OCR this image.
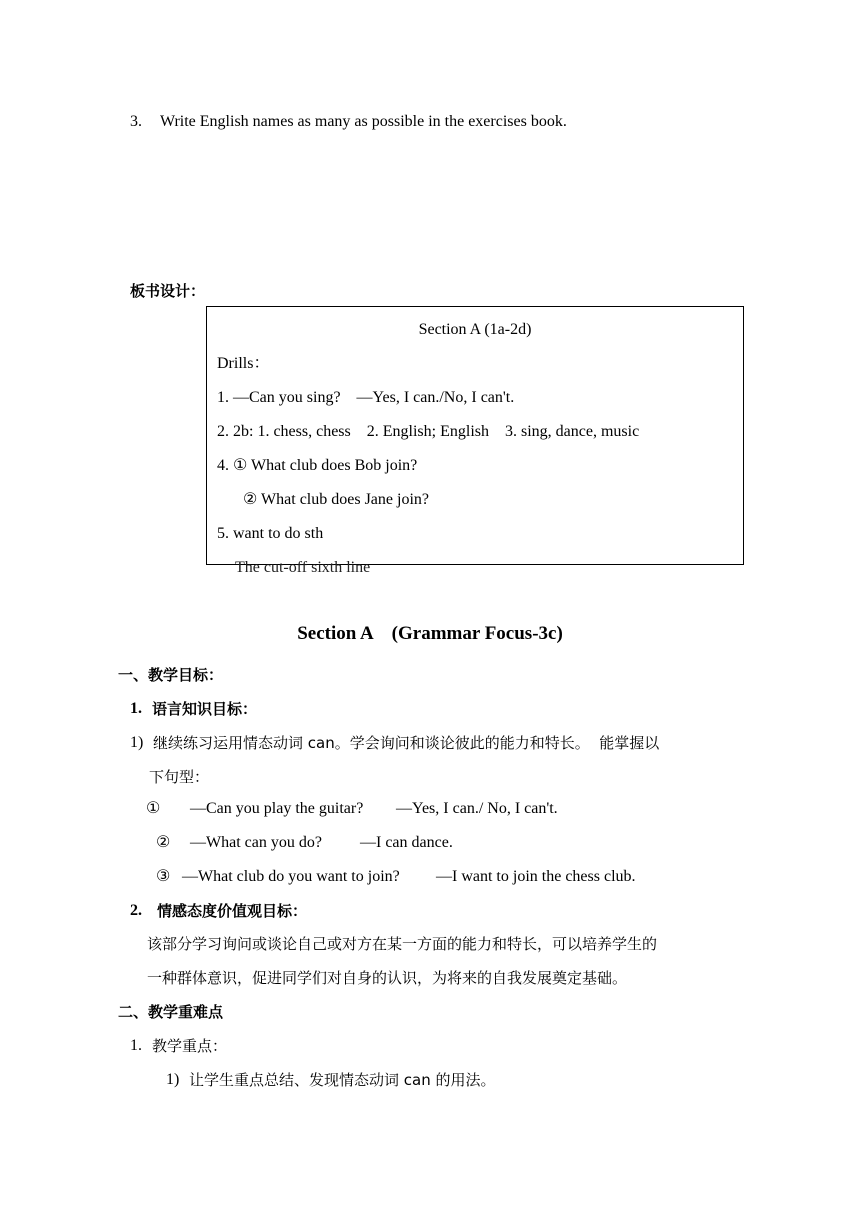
3. Write English names as many as possible in the exercises book.
板书设计：
Section A (1a-2d)
Drills：
1. —Can you sing?    —Yes, I can./No, I can't.
2. 2b: 1. chess, chess    2. English; English    3. sing, dance, music
4. ① What club does Bob join?
② What club does Jane join?
5. want to do sth
The cut-off sixth line
Section A    (Grammar Focus-3c)
一、教学目标：
1. 语言知识目标：
1) 继续练习运用情态动词 can。学会询问和谈论彼此的能力和特长。  能掌握以
下句型：
① —Can you play the guitar? —Yes, I can./ No, I can't.
② —What can you do? —I can dance.
③ —What club do you want to join? —I want to join the chess club.
2. 情感态度价值观目标：
该部分学习询问或谈论自己或对方在某一方面的能力和特长，可以培养学生的
一种群体意识，促进同学们对自身的认识，为将来的自我发展奠定基础。
二、教学重难点
1. 教学重点：
1) 让学生重点总结、发现情态动词 can 的用法。
